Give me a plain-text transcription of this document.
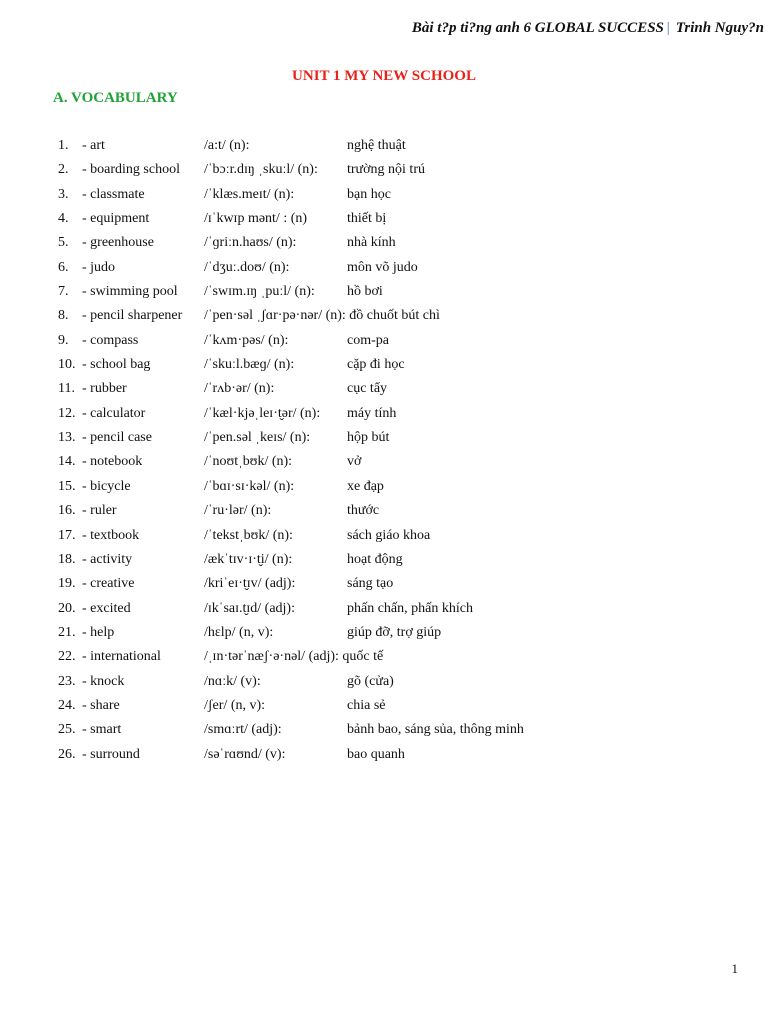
Bài t?p ti?ng anh 6 GLOBAL SUCCESS | Trinh Nguy?n
UNIT 1 MY NEW SCHOOL
A. VOCABULARY
1. - art	/a:t/ (n):	nghệ thuật
2. - boarding school /ˈbɔːr.dɪŋ ˌskuːl/ (n): trường nội trú
3. - classmate	/ˈklæs.meɪt/ (n):	bạn học
4. - equipment	/ɪˈkwɪp mənt/ : (n)	thiết bị
5. - greenhouse	/ˈɡriːn.haʊs/ (n):	nhà kính
6. - judo	/ˈdʒuː.doʊ/ (n):	môn võ judo
7. - swimming pool /ˈswɪm.ɪŋ ˌpuːl/ (n): hồ bơi
8. - pencil sharpener /ˈpen·səl ˌʃɑr·pə·nər/ (n): đồ chuốt bút chì
9. - compass	/ˈkʌm·pəs/ (n):	com-pa
10. - school bag	/ˈskuːl.bæɡ/ (n):	cặp đi học
11. - rubber	/ˈrʌb·ər/ (n):	cục tẩy
12. - calculator	/ˈkæl·kjəˌleɪ·t̬ər/ (n): máy tính
13. - pencil case	/ˈpen.səl ˌkeɪs/ (n):	hộp bút
14. - notebook	/ˈnoʊtˌbʊk/ (n):	vở
15. - bicycle	/ˈbɑɪ·sɪ·kəl/ (n):	xe đạp
16. - ruler	/ˈru·lər/ (n):	thước
17. - textbook	/ˈtekstˌbʊk/ (n):	sách giáo khoa
18. - activity	/ækˈtɪv·ɪ·t̬i/ (n):	hoạt động
19. - creative	/kriˈeɪ·t̬ɪv/ (adj):	sáng tạo
20. - excited	/ɪkˈsaɪ.t̬ɪd/ (adj):	phấn chấn, phấn khích
21. - help	/hɛlp/ (n, v):	giúp đỡ, trợ giúp
22. - international	/ˌɪn·tərˈnæʃ·ə·nəl/ (adj): quốc tế
23. - knock	/nɑːk/ (v):	gõ (cửa)
24. - share	/ʃer/ (n, v):	chia sẻ
25. - smart	/smɑːrt/ (adj):	bảnh bao, sáng sủa, thông minh
26. - surround	/səˈrɑʊnd/ (v):	bao quanh
1
